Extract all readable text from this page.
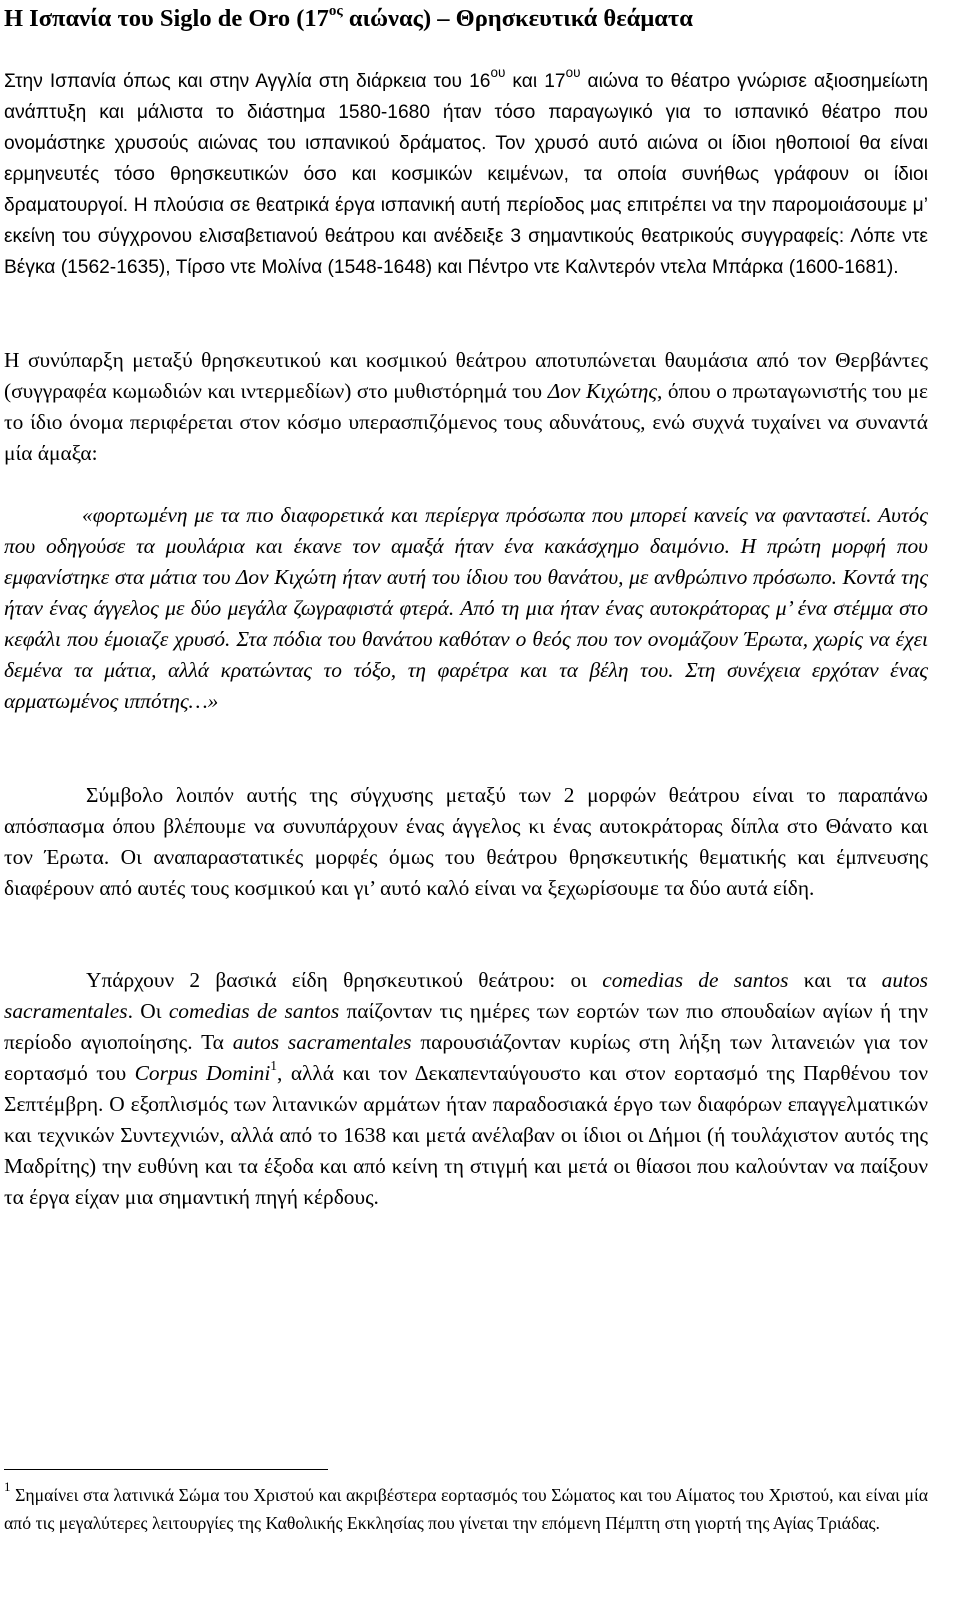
Η Ισπανία του Siglo de Oro ($17^{o\varsigma}$ αιώνας) – Θρησκευτικά θεάματα

Στην Ισπανία όπως και στην Αγγλία στη διάρκεια του $16^{o\upsilon}$ και $17^{o\upsilon}$ αιώνα το θέατρο γνώρισε αξιοσημείωτη ανάπτυξη και μάλιστα το διάστημα 1580-1680 ήταν τόσο παραγωγικό για το ισπανικό θέατρο που ονομάστηκε χρυσούς αιώνας του ισπανικού δράματος. Τον χρυσό αυτό αιώνα οι ίδιοι ηθοποιοί θα είναι ερμηνευτές τόσο θρησκευτικών όσο και κοσμικών κειμένων, τα οποία συνήθως γράφουν οι ίδιοι δραματουργοί. Η πλούσια σε θεατρικά έργα ισπανική αυτή περίοδος μας επιτρέπει να την παρομοιάσουμε μ’ εκείνη του σύγχρονου ελισαβετιανού θεάτρου και ανέδειξε 3 σημαντικούς θεατρικούς συγγραφείς: Λόπε ντε Βέγκα (1562-1635), Τίρσο ντε Μολίνα (1548-1648) και Πέντρο ντε Καλντερόν ντελα Μπάρκα (1600-1681).

Η συνύπαρξη μεταξύ θρησκευτικού και κοσμικού θεάτρου αποτυπώνεται θαυμάσια από τον Θερβάντες (συγγραφέα κωμωδιών και ιντερμεδίων) στο μυθιστόρημά του Δον Κιχώτης, όπου ο πρωταγωνιστής του με το ίδιο όνομα περιφέρεται στον κόσμο υπερασπιζόμενος τους αδυνάτους, ενώ συχνά τυχαίνει να συναντά μία άμαξα:

«φορτωμένη με τα πιο διαφορετικά και περίεργα πρόσωπα που μπορεί κανείς να φανταστεί. Αυτός που οδηγούσε τα μουλάρια και έκανε τον αμαξά ήταν ένα κακάσχημο δαιμόνιο. Η πρώτη μορφή που εμφανίστηκε στα μάτια του Δον Κιχώτη ήταν αυτή του ίδιου του θανάτου, με ανθρώπινο πρόσωπο. Κοντά της ήταν ένας άγγελος με δύο μεγάλα ζωγραφιστά φτερά. Από τη μια ήταν ένας αυτοκράτορας μ’ ένα στέμμα στο κεφάλι που έμοιαζε χρυσό. Στα πόδια του θανάτου καθόταν ο θεός που τον ονομάζουν Έρωτα, χωρίς να έχει δεμένα τα μάτια, αλλά κρατώντας το τόξο, τη φαρέτρα και τα βέλη του. Στη συνέχεια ερχόταν ένας αρματωμένος ιππότης…»

Σύμβολο λοιπόν αυτής της σύγχυσης μεταξύ των 2 μορφών θεάτρου είναι το παραπάνω απόσπασμα όπου βλέπουμε να συνυπάρχουν ένας άγγελος κι ένας αυτοκράτορας δίπλα στο Θάνατο και τον Έρωτα. Οι αναπαραστατικές μορφές όμως του θεάτρου θρησκευτικής θεματικής και έμπνευσης διαφέρουν από αυτές τους κοσμικού και γι’ αυτό καλό είναι να ξεχωρίσουμε τα δύο αυτά είδη.

Υπάρχουν 2 βασικά είδη θρησκευτικού θεάτρου: οι comedias de santos και τα autos sacramentales. Οι comedias de santos παίζονταν τις ημέρες των εορτών των πιο σπουδαίων αγίων ή την περίοδο αγιοποίησης. Τα autos sacramentales παρουσιάζονταν κυρίως στη λήξη των λιτανειών για τον εορτασμό του Corpus Domini$^1$, αλλά και τον Δεκαπενταύγουστο και στον εορτασμό της Παρθένου τον Σεπτέμβρη. Ο εξοπλισμός των λιτανικών αρμάτων ήταν παραδοσιακά έργο των διαφόρων επαγγελματικών και τεχνικών Συντεχνιών, αλλά από το 1638 και μετά ανέλαβαν οι ίδιοι οι Δήμοι (ή τουλάχιστον αυτός της Μαδρίτης) την ευθύνη και τα έξοδα και από κείνη τη στιγμή και μετά οι θίασοι που καλούνταν να παίξουν τα έργα είχαν μια σημαντική πηγή κέρδους.

$^1$ Σημαίνει στα λατινικά Σώμα του Χριστού και ακριβέστερα εορτασμός του Σώματος και του Αίματος του Χριστού, και είναι μία από τις μεγαλύτερες λειτουργίες της Καθολικής Εκκλησίας που γίνεται την επόμενη Πέμπτη στη γιορτή της Αγίας Τριάδας.
